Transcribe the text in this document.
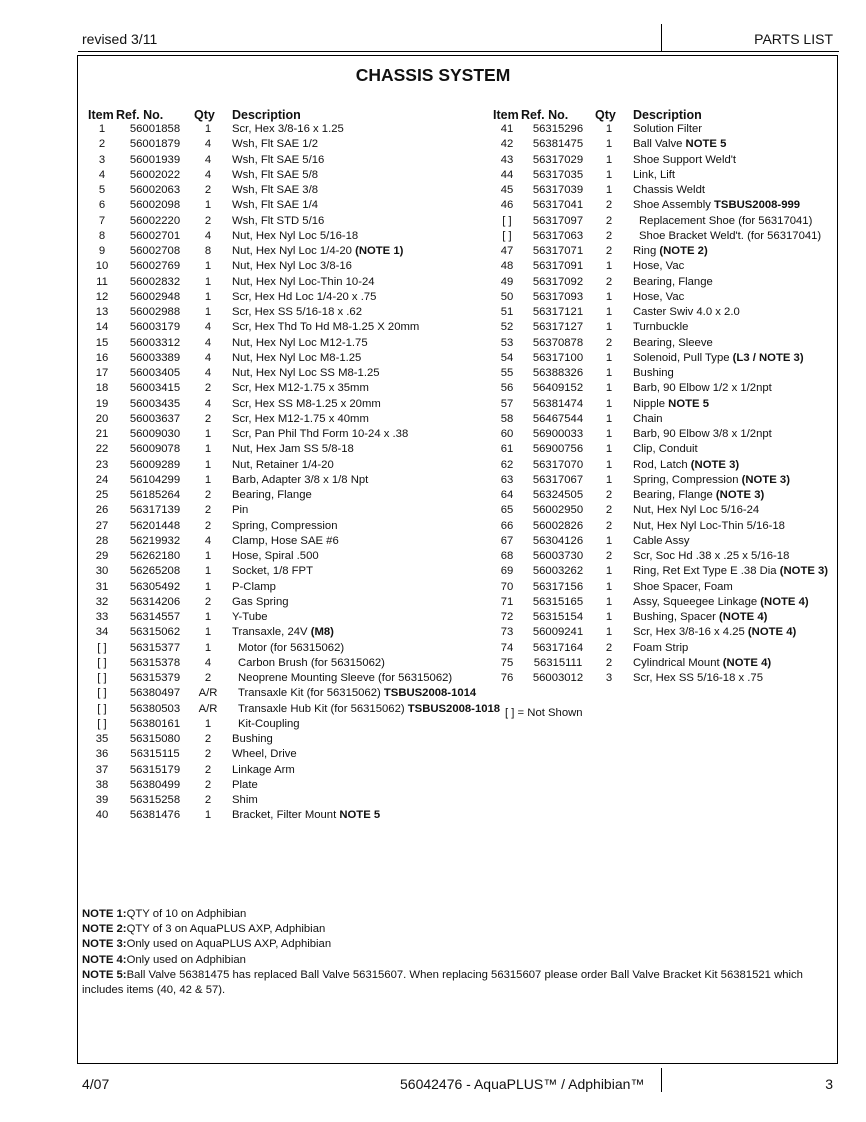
revised 3/11	PARTS LIST
CHASSIS SYSTEM
Item	Ref. No.	Qty	Description
1	56001858	1	Scr, Hex 3/8-16 x 1.25
2	56001879	4	Wsh, Flt SAE 1/2
3	56001939	4	Wsh, Flt SAE 5/16
4	56002022	4	Wsh, Flt SAE 5/8
5	56002063	2	Wsh, Flt SAE 3/8
6	56002098	1	Wsh, Flt SAE 1/4
7	56002220	2	Wsh, Flt STD 5/16
8	56002701	4	Nut, Hex Nyl Loc 5/16-18
9	56002708	8	Nut, Hex Nyl Loc 1/4-20 (NOTE 1)
10	56002769	1	Nut, Hex Nyl Loc 3/8-16
11	56002832	1	Nut, Hex Nyl Loc-Thin 10-24
12	56002948	1	Scr, Hex Hd Loc 1/4-20 x .75
13	56002988	1	Scr, Hex SS 5/16-18 x .62
14	56003179	4	Scr, Hex Thd To Hd M8-1.25 X 20mm
15	56003312	4	Nut, Hex Nyl Loc M12-1.75
16	56003389	4	Nut, Hex Nyl Loc M8-1.25
17	56003405	4	Nut, Hex Nyl Loc SS M8-1.25
18	56003415	2	Scr, Hex M12-1.75 x 35mm
19	56003435	4	Scr, Hex SS M8-1.25 x 20mm
20	56003637	2	Scr, Hex M12-1.75 x 40mm
21	56009030	1	Scr, Pan Phil Thd Form 10-24 x .38
22	56009078	1	Nut, Hex Jam SS 5/8-18
23	56009289	1	Nut, Retainer 1/4-20
24	56104299	1	Barb, Adapter 3/8 x 1/8 Npt
25	56185264	2	Bearing, Flange
26	56317139	2	Pin
27	56201448	2	Spring, Compression
28	56219932	4	Clamp, Hose SAE #6
29	56262180	1	Hose, Spiral .500
30	56265208	1	Socket, 1/8 FPT
31	56305492	1	P-Clamp
32	56314206	2	Gas Spring
33	56314557	1	Y-Tube
34	56315062	1	Transaxle, 24V (M8)
[ ]	56315377	1	Motor (for 56315062)
[ ]	56315378	4	Carbon Brush (for 56315062)
[ ]	56315379	2	Neoprene Mounting Sleeve (for 56315062)
[ ]	56380497	A/R	Transaxle Kit (for 56315062) TSBUS2008-1014
[ ]	56380503	A/R	Transaxle Hub Kit (for 56315062) TSBUS2008-1018
[ ]	56380161	1	Kit-Coupling
35	56315080	2	Bushing
36	56315115	2	Wheel, Drive
37	56315179	2	Linkage Arm
38	56380499	2	Plate
39	56315258	2	Shim
40	56381476	1	Bracket, Filter Mount NOTE 5
Item	Ref. No.	Qty	Description
41	56315296	1	Solution Filter
42	56381475	1	Ball Valve NOTE 5
43	56317029	1	Shoe Support Weld't
44	56317035	1	Link, Lift
45	56317039	1	Chassis Weldt
46	56317041	2	Shoe Assembly TSBUS2008-999
[ ]	56317097	2	Replacement Shoe (for 56317041)
[ ]	56317063	2	Shoe Bracket Weld't. (for 56317041)
47	56317071	2	Ring (NOTE 2)
48	56317091	1	Hose, Vac
49	56317092	2	Bearing, Flange
50	56317093	1	Hose, Vac
51	56317121	1	Caster Swiv 4.0 x 2.0
52	56317127	1	Turnbuckle
53	56370878	2	Bearing, Sleeve
54	56317100	1	Solenoid, Pull Type (L3 / NOTE 3)
55	56388326	1	Bushing
56	56409152	1	Barb, 90 Elbow 1/2 x 1/2npt
57	56381474	1	Nipple NOTE 5
58	56467544	1	Chain
60	56900033	1	Barb, 90 Elbow 3/8 x 1/2npt
61	56900756	1	Clip, Conduit
62	56317070	1	Rod, Latch (NOTE 3)
63	56317067	1	Spring, Compression (NOTE 3)
64	56324505	2	Bearing, Flange (NOTE 3)
65	56002950	2	Nut, Hex Nyl Loc 5/16-24
66	56002826	2	Nut, Hex Nyl Loc-Thin 5/16-18
67	56304126	1	Cable Assy
68	56003730	2	Scr, Soc Hd .38 x .25 x 5/16-18
69	56003262	1	Ring, Ret Ext Type E .38 Dia (NOTE 3)
70	56317156	1	Shoe Spacer, Foam
71	56315165	1	Assy, Squeegee Linkage (NOTE 4)
72	56315154	1	Bushing, Spacer (NOTE 4)
73	56009241	1	Scr, Hex 3/8-16 x 4.25 (NOTE 4)
74	56317164	2	Foam Strip
75	56315111	2	Cylindrical Mount (NOTE 4)
76	56003012	3	Scr, Hex SS 5/16-18 x .75
[ ] = Not Shown
NOTE 1:QTY of 10 on Adphibian
NOTE 2:QTY of 3 on AquaPLUS AXP, Adphibian
NOTE 3:Only used on AquaPLUS AXP, Adphibian
NOTE 4:Only used on Adphibian
NOTE 5:Ball Valve 56381475 has replaced Ball Valve 56315607. When replacing 56315607 please order Ball Valve Bracket Kit 56381521 which includes items (40, 42 & 57).
4/07	56042476 - AquaPLUS™ / Adphibian™	3
